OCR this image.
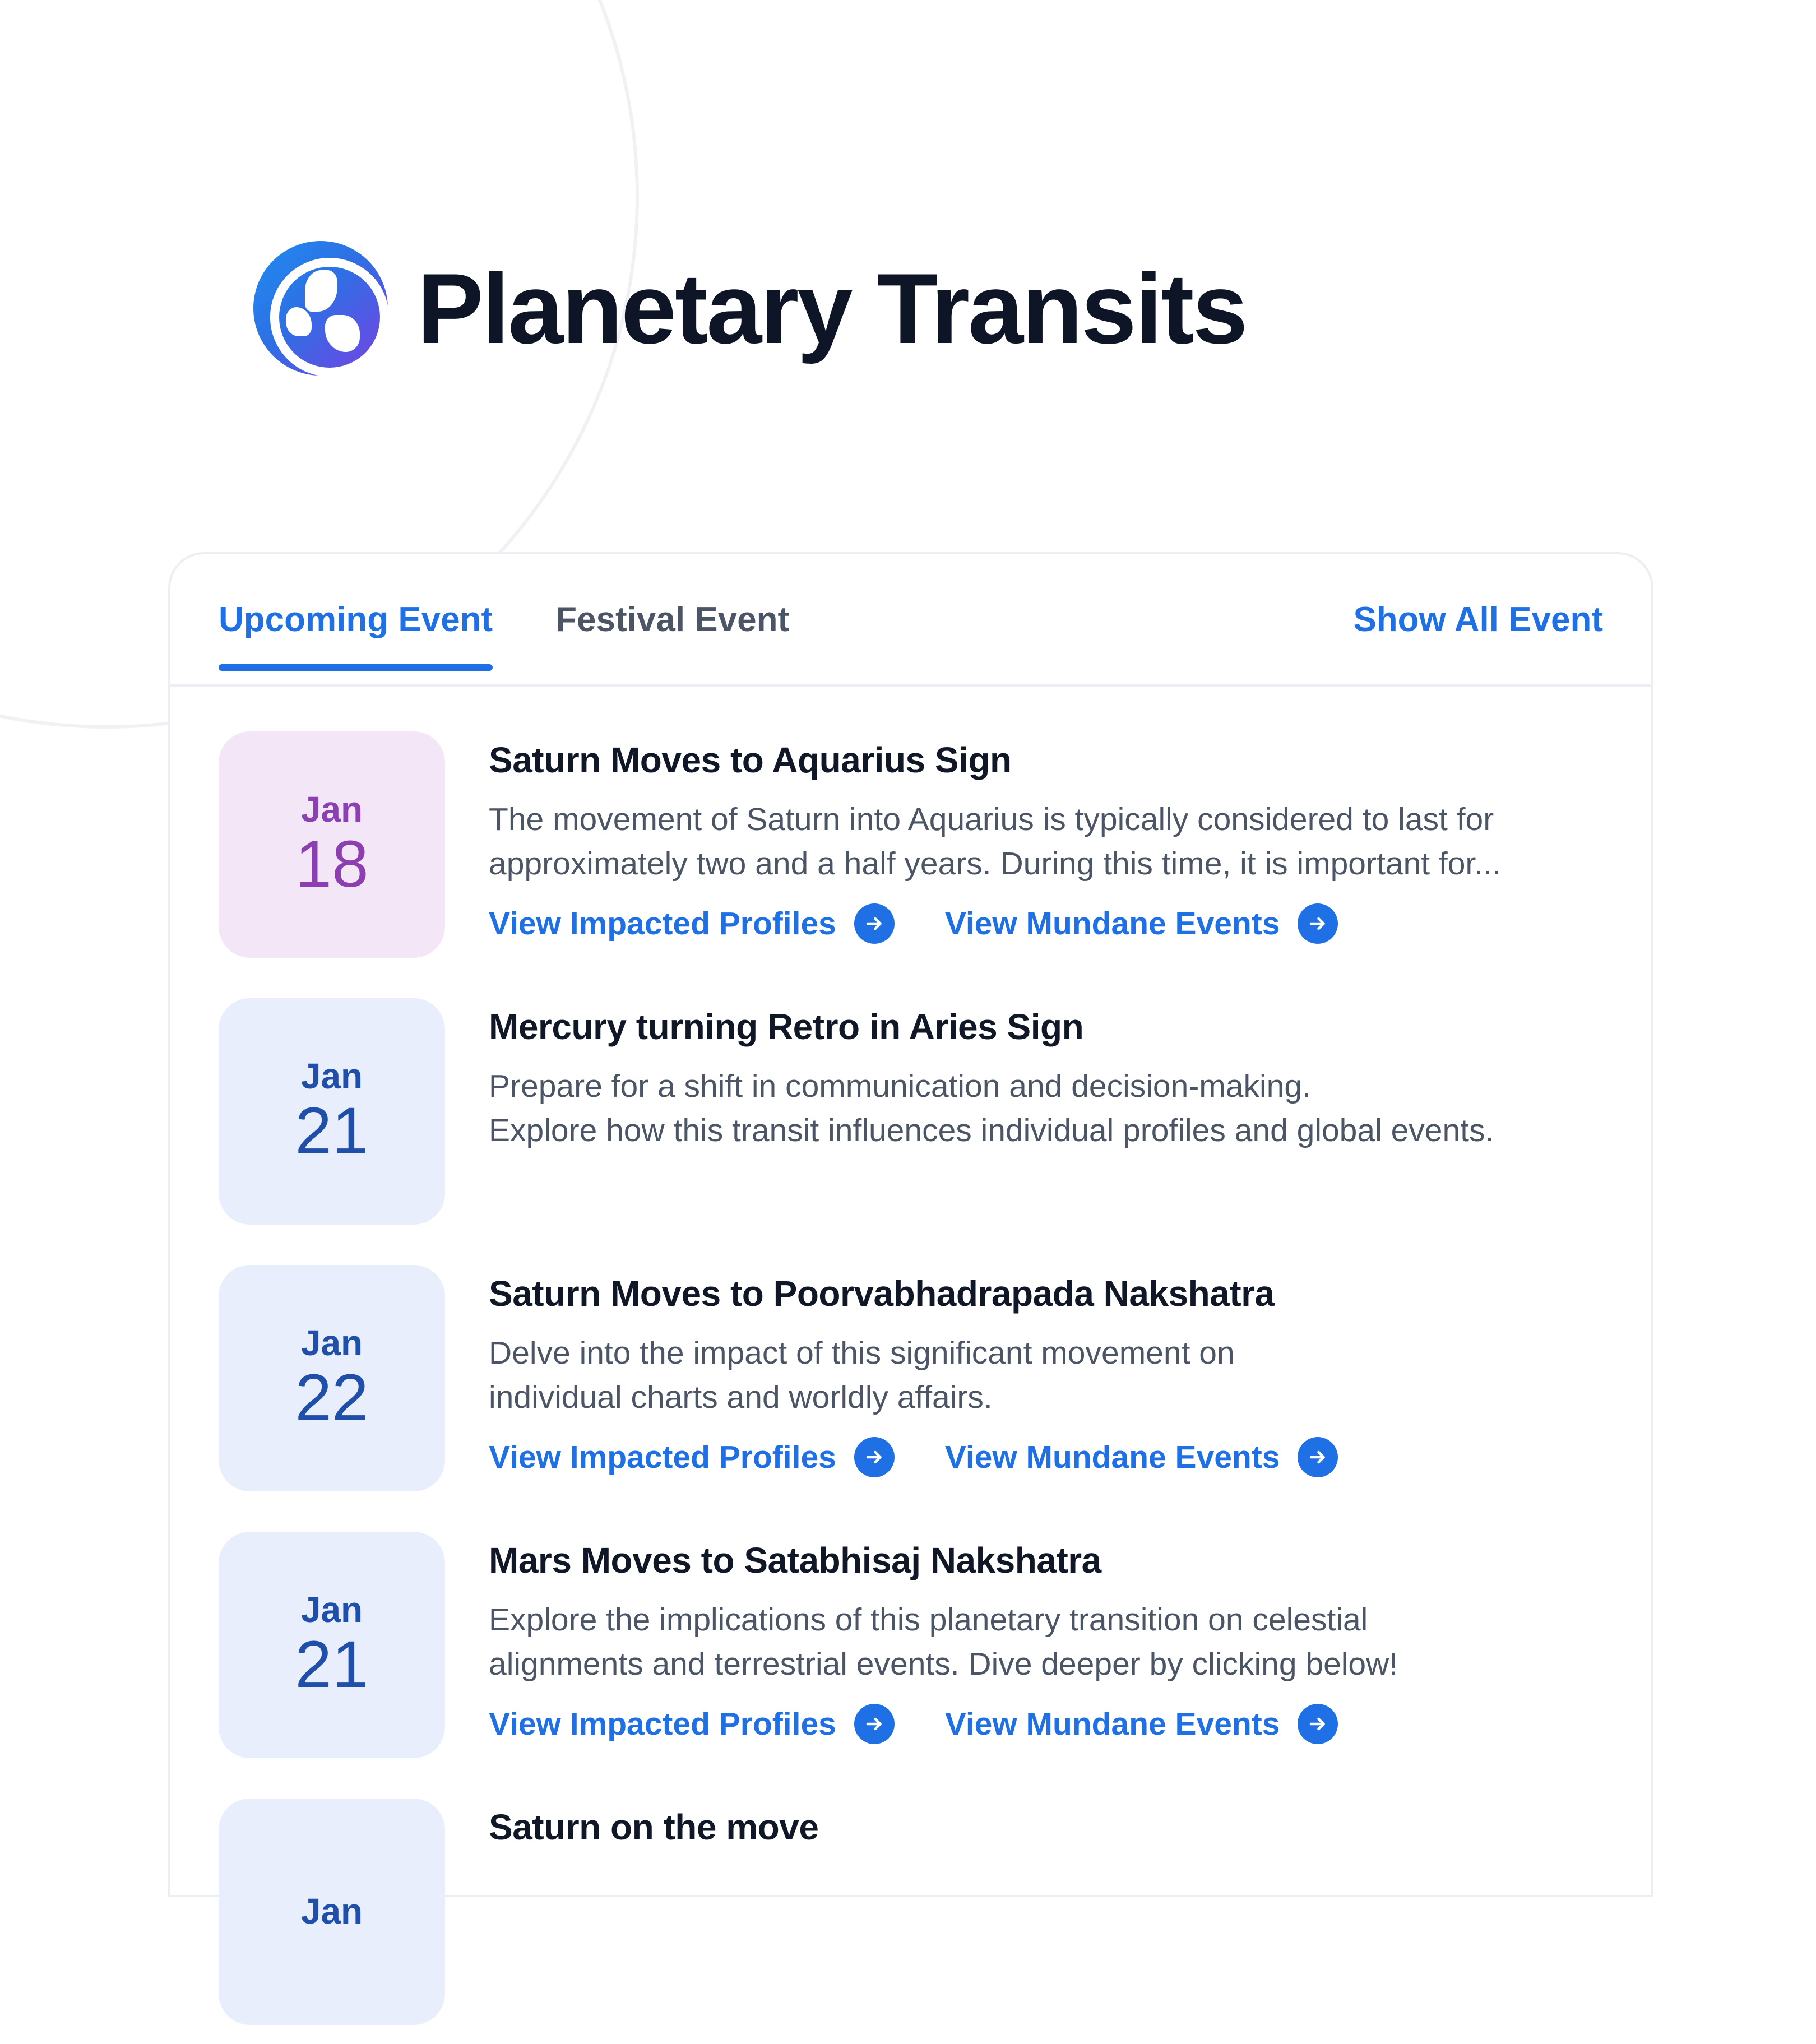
Planetary Transits
Upcoming Event Festival Event	Show All Event
Jan
18
Saturn Moves to Aquarius Sign
The movement of Saturn into Aquarius is typically considered to last for
approximately two and a half years. During this time, it is important for...
View Impacted Profiles	View Mundane Events
Jan
21
Mercury turning Retro in Aries Sign
Prepare for a shift in communication and decision-making.
Explore how this transit influences individual profiles and global events.
Jan
22
Saturn Moves to Poorvabhadrapada Nakshatra
Delve into the impact of this significant movement on
individual charts and worldly affairs.
View Impacted Profiles	View Mundane Events
Jan
21
Mars Moves to Satabhisaj Nakshatra
Explore the implications of this planetary transition on celestial
alignments and terrestrial events. Dive deeper by clicking below!
View Impacted Profiles	View Mundane Events
Jan
Saturn on the move
